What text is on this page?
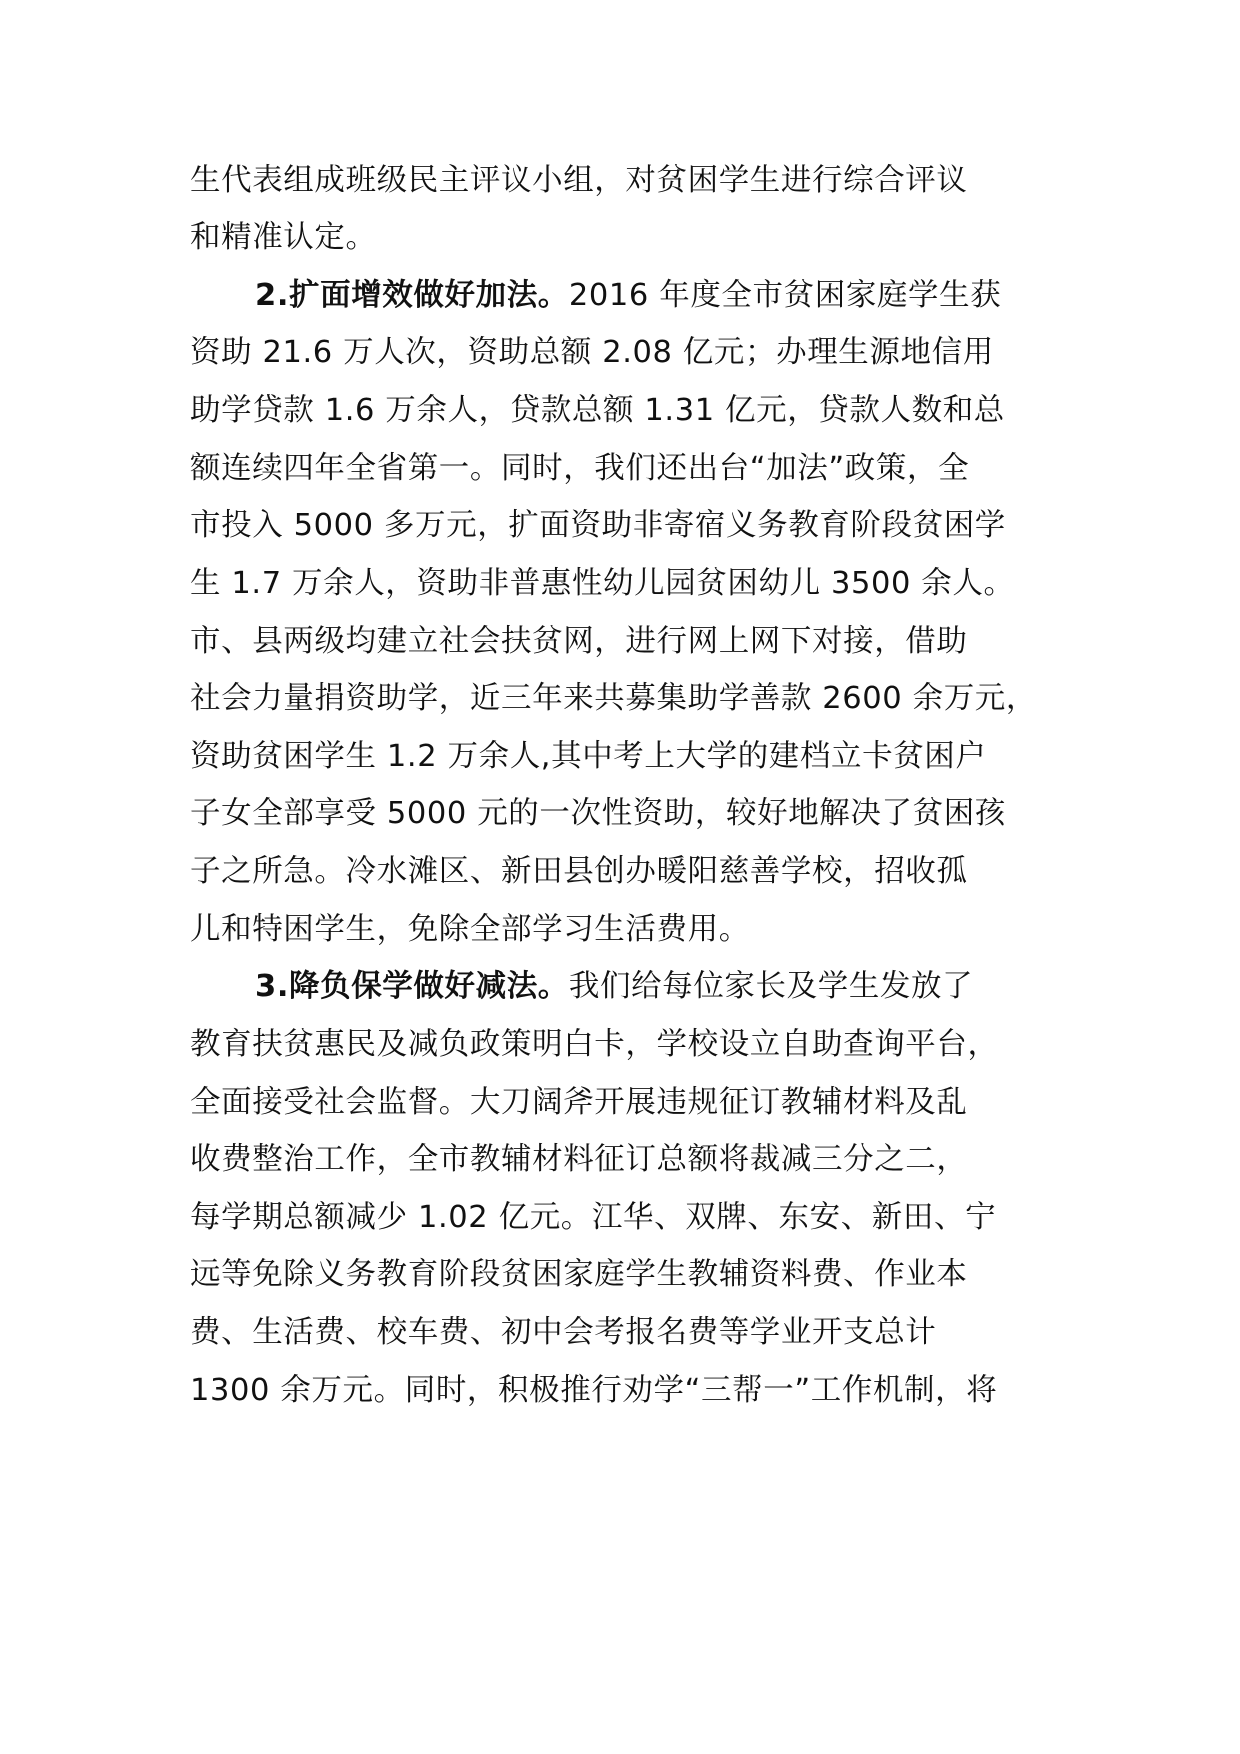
生代表组成班级民主评议小组，对贫困学生进行综合评议
和精准认定。
2.扩面增效做好加法。2016 年度全市贫困家庭学生获
资助 21.6 万人次，资助总额 2.08 亿元；办理生源地信用
助学贷款 1.6 万余人，贷款总额 1.31 亿元，贷款人数和总
额连续四年全省第一。同时，我们还出台“加法”政策，全
市投入 5000 多万元，扩面资助非寄宿义务教育阶段贫困学
生 1.7 万余人，资助非普惠性幼儿园贫困幼儿 3500 余人。
市、县两级均建立社会扶贫网，进行网上网下对接，借助
社会力量捐资助学，近三年来共募集助学善款 2600 余万元，
资助贫困学生 1.2 万余人,其中考上大学的建档立卡贫困户
子女全部享受 5000 元的一次性资助，较好地解决了贫困孩
子之所急。冷水滩区、新田县创办暖阳慈善学校，招收孤
儿和特困学生，免除全部学习生活费用。
3.降负保学做好减法。我们给每位家长及学生发放了
教育扶贫惠民及减负政策明白卡，学校设立自助查询平台，
全面接受社会监督。大刀阔斧开展违规征订教辅材料及乱
收费整治工作，全市教辅材料征订总额将裁减三分之二，
每学期总额减少 1.02 亿元。江华、双牌、东安、新田、宁
远等免除义务教育阶段贫困家庭学生教辅资料费、作业本
费、生活费、校车费、初中会考报名费等学业开支总计
1300 余万元。同时，积极推行劝学“三帮一”工作机制，将
